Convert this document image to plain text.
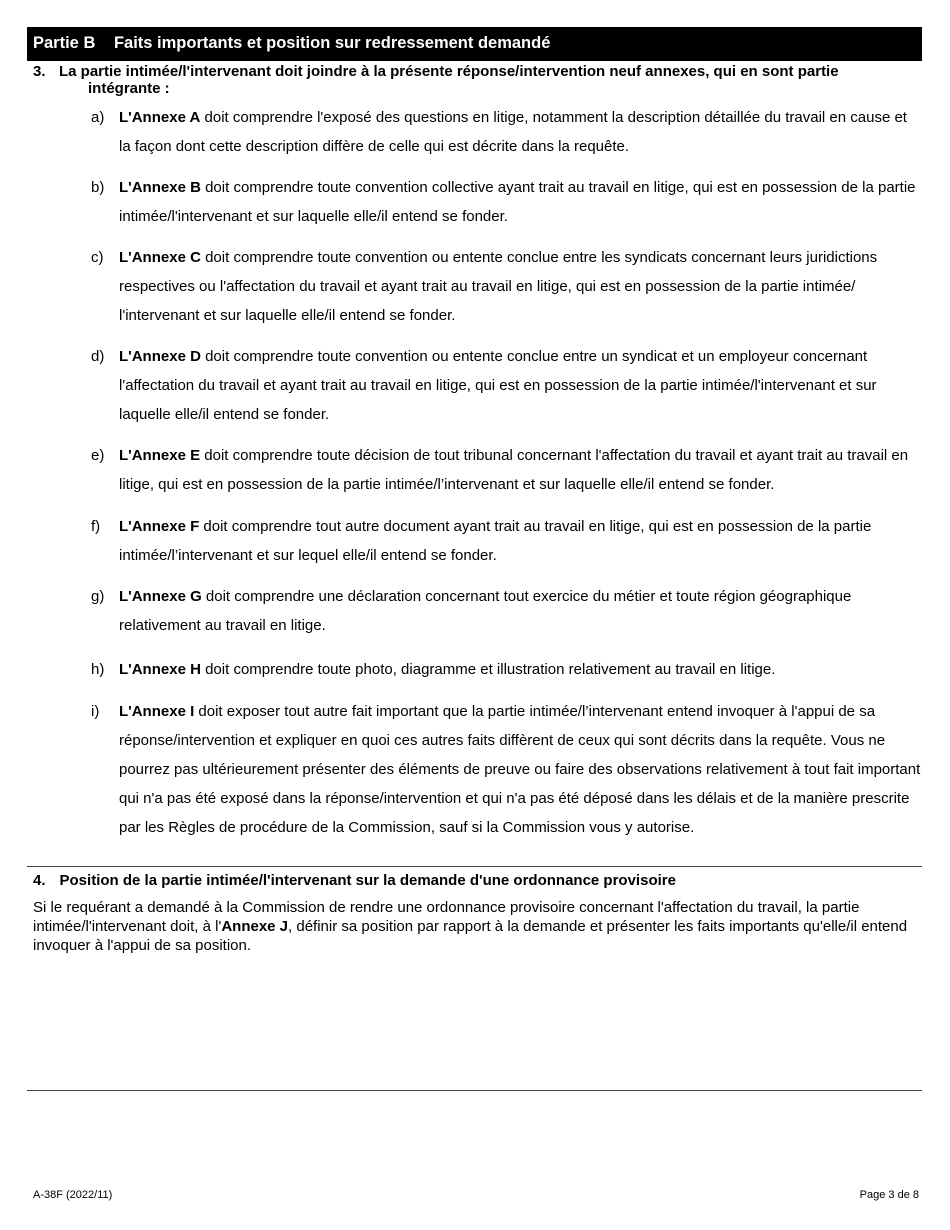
Partie B Faits importants et position sur redressement demandé
3. La partie intimée/l'intervenant doit joindre à la présente réponse/intervention neuf annexes, qui en sont partie
intégrante :
a) L'Annexe A doit comprendre l'exposé des questions en litige, notamment la description détaillée du travail en cause et la façon dont cette description diffère de celle qui est décrite dans la requête.
b) L'Annexe B doit comprendre toute convention collective ayant trait au travail en litige, qui est en possession de la partie intimée/l'intervenant et sur laquelle elle/il entend se fonder.
c) L'Annexe C doit comprendre toute convention ou entente conclue entre les syndicats concernant leurs juridictions respectives ou l'affectation du travail et ayant trait au travail en litige, qui est en possession de la partie intimée/ l'intervenant et sur laquelle elle/il entend se fonder.
d) L'Annexe D doit comprendre toute convention ou entente conclue entre un syndicat et un employeur concernant l'affectation du travail et ayant trait au travail en litige, qui est en possession de la partie intimée/l'intervenant et sur laquelle elle/il entend se fonder.
e) L'Annexe E doit comprendre toute décision de tout tribunal concernant l'affectation du travail et ayant trait au travail en litige, qui est en possession de la partie intimée/l’intervenant et sur laquelle elle/il entend se fonder.
f) L'Annexe F doit comprendre tout autre document ayant trait au travail en litige, qui est en possession de la partie intimée/l’intervenant et sur lequel elle/il entend se fonder.
g) L'Annexe G doit comprendre une déclaration concernant tout exercice du métier et toute région géographique relativement au travail en litige.
h) L'Annexe H doit comprendre toute photo, diagramme et illustration relativement au travail en litige.
i) L'Annexe I doit exposer tout autre fait important que la partie intimée/l’intervenant entend invoquer à l'appui de sa réponse/intervention et expliquer en quoi ces autres faits diffèrent de ceux qui sont décrits dans la requête. Vous ne pourrez pas ultérieurement présenter des éléments de preuve ou faire des observations relativement à tout fait important qui n'a pas été exposé dans la réponse/intervention et qui n'a pas été déposé dans les délais et de la manière prescrite par les Règles de procédure de la Commission, sauf si la Commission vous y autorise.
4. Position de la partie intimée/l'intervenant sur la demande d'une ordonnance provisoire
Si le requérant a demandé à la Commission de rendre une ordonnance provisoire concernant l'affectation du travail, la partie intimée/l'intervenant doit, à l'Annexe J, définir sa position par rapport à la demande et présenter les faits importants qu'elle/il entend invoquer à l'appui de sa position.
A-38F (2022/11)	Page 3 de 8
